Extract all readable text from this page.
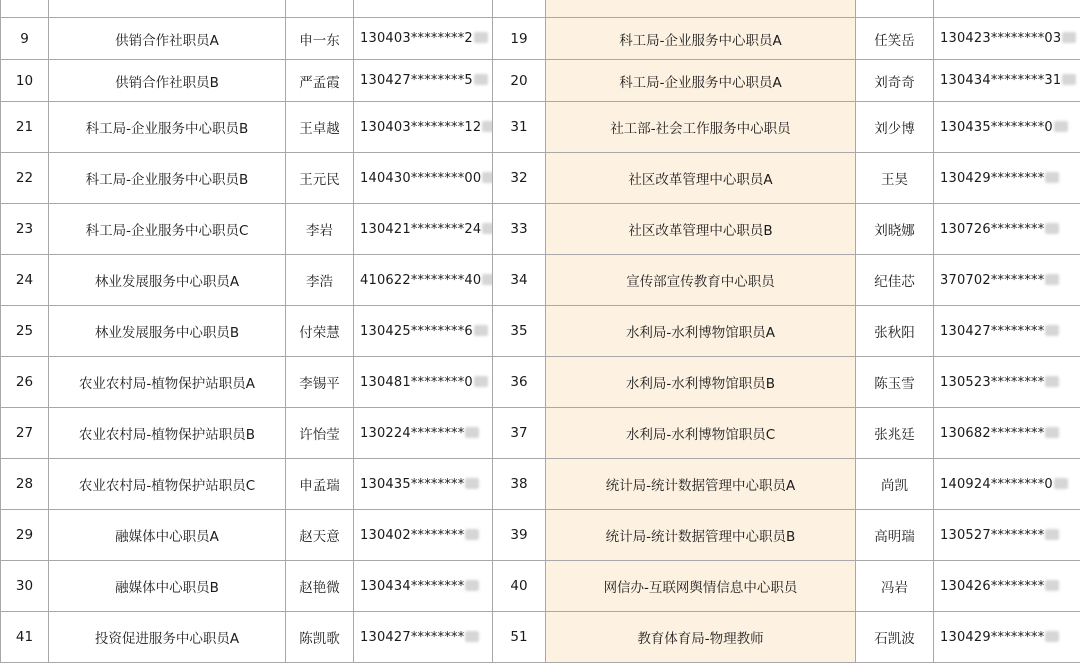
9	供销合作社职员A	申一东	130403********2	19	科工局-企业服务中心职员A	任笑岳	130423********03
10	供销合作社职员B	严孟霞	130427********5	20	科工局-企业服务中心职员A	刘奇奇	130434********31
21	科工局-企业服务中心职员B	王卓越	130403********12	31	社工部-社会工作服务中心职员	刘少博	130435********0
22	科工局-企业服务中心职员B	王元民	140430********00	32	社区改革管理中心职员A	王昊	130429********
23	科工局-企业服务中心职员C	李岩	130421********24	33	社区改革管理中心职员B	刘晓娜	130726********
24	林业发展服务中心职员A	李浩	410622********40	34	宣传部宣传教育中心职员	纪佳芯	370702********
25	林业发展服务中心职员B	付荣慧	130425********6	35	水利局-水利博物馆职员A	张秋阳	130427********
26	农业农村局-植物保护站职员A	李锡平	130481********0	36	水利局-水利博物馆职员B	陈玉雪	130523********
27	农业农村局-植物保护站职员B	许怡莹	130224********	37	水利局-水利博物馆职员C	张兆廷	130682********
28	农业农村局-植物保护站职员C	申孟瑞	130435********	38	统计局-统计数据管理中心职员A	尚凯	140924********0
29	融媒体中心职员A	赵天意	130402********	39	统计局-统计数据管理中心职员B	高明瑞	130527********
30	融媒体中心职员B	赵艳微	130434********	40	网信办-互联网舆情信息中心职员	冯岩	130426********
41	投资促进服务中心职员A	陈凯歌	130427********	51	教育体育局-物理教师	石凯波	130429********
